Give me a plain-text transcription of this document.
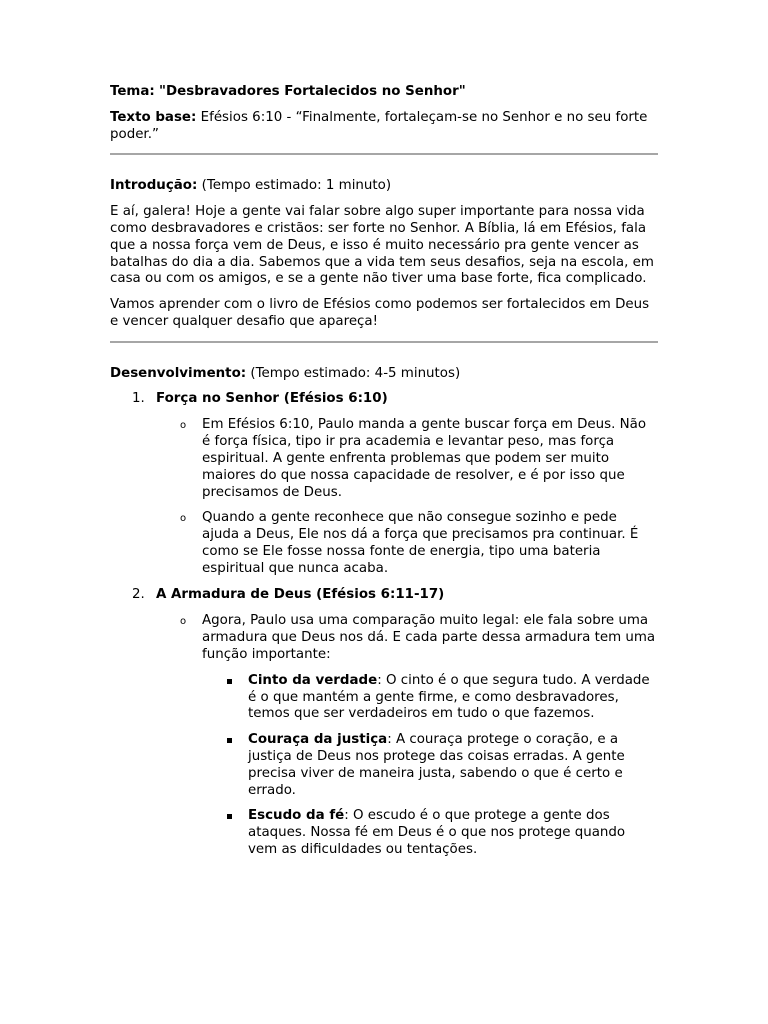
Tema: "Desbravadores Fortalecidos no Senhor"

Texto base: Efésios 6:10 - “Finalmente, fortaleçam-se no Senhor e no seu forte poder.”

Introdução: (Tempo estimado: 1 minuto)

E aí, galera! Hoje a gente vai falar sobre algo super importante para nossa vida como desbravadores e cristãos: ser forte no Senhor. A Bíblia, lá em Efésios, fala que a nossa força vem de Deus, e isso é muito necessário pra gente vencer as batalhas do dia a dia. Sabemos que a vida tem seus desafios, seja na escola, em casa ou com os amigos, e se a gente não tiver uma base forte, fica complicado.

Vamos aprender com o livro de Efésios como podemos ser fortalecidos em Deus e vencer qualquer desafio que apareça!

Desenvolvimento: (Tempo estimado: 4-5 minutos)

1. Força no Senhor (Efésios 6:10)
o Em Efésios 6:10, Paulo manda a gente buscar força em Deus. Não é força física, tipo ir pra academia e levantar peso, mas força espiritual. A gente enfrenta problemas que podem ser muito maiores do que nossa capacidade de resolver, e é por isso que precisamos de Deus.
o Quando a gente reconhece que não consegue sozinho e pede ajuda a Deus, Ele nos dá a força que precisamos pra continuar. É como se Ele fosse nossa fonte de energia, tipo uma bateria espiritual que nunca acaba.
2. A Armadura de Deus (Efésios 6:11-17)
o Agora, Paulo usa uma comparação muito legal: ele fala sobre uma armadura que Deus nos dá. E cada parte dessa armadura tem uma função importante:
Cinto da verdade: O cinto é o que segura tudo. A verdade é o que mantém a gente firme, e como desbravadores, temos que ser verdadeiros em tudo o que fazemos.
Couraça da justiça: A couraça protege o coração, e a justiça de Deus nos protege das coisas erradas. A gente precisa viver de maneira justa, sabendo o que é certo e errado.
Escudo da fé: O escudo é o que protege a gente dos ataques. Nossa fé em Deus é o que nos protege quando vem as dificuldades ou tentações.
